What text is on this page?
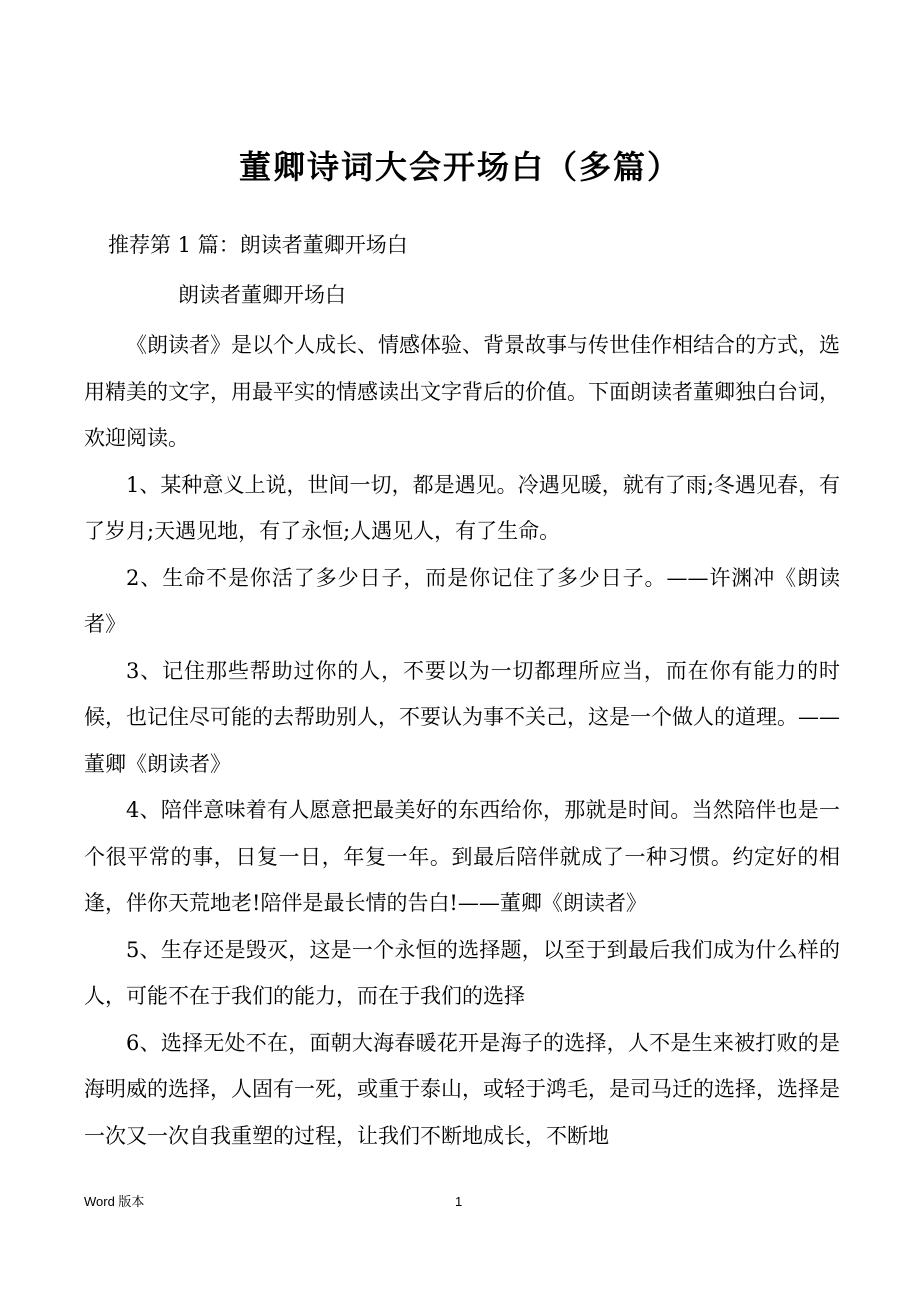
董卿诗词大会开场白（多篇）
推荐第 1 篇：朗读者董卿开场白
朗读者董卿开场白

《朗读者》是以个人成长、情感体验、背景故事与传世佳作相结合的方式，选用精美的文字，用最平实的情感读出文字背后的价值。下面朗读者董卿独白台词，欢迎阅读。

1、某种意义上说，世间一切，都是遇见。冷遇见暖，就有了雨;冬遇见春，有了岁月;天遇见地，有了永恒;人遇见人，有了生命。

2、生命不是你活了多少日子，而是你记住了多少日子。——许渊冲《朗读者》

3、记住那些帮助过你的人，不要以为一切都理所应当，而在你有能力的时候，也记住尽可能的去帮助别人，不要认为事不关己，这是一个做人的道理。——董卿《朗读者》

4、陪伴意味着有人愿意把最美好的东西给你，那就是时间。当然陪伴也是一个很平常的事，日复一日，年复一年。到最后陪伴就成了一种习惯。约定好的相逢，伴你天荒地老!陪伴是最长情的告白!——董卿《朗读者》

5、生存还是毁灭，这是一个永恒的选择题，以至于到最后我们成为什么样的人，可能不在于我们的能力，而在于我们的选择

6、选择无处不在，面朝大海春暖花开是海子的选择，人不是生来被打败的是海明威的选择，人固有一死，或重于泰山，或轻于鸿毛，是司马迁的选择，选择是一次又一次自我重塑的过程，让我们不断地成长，不断地

Word 版本	1
